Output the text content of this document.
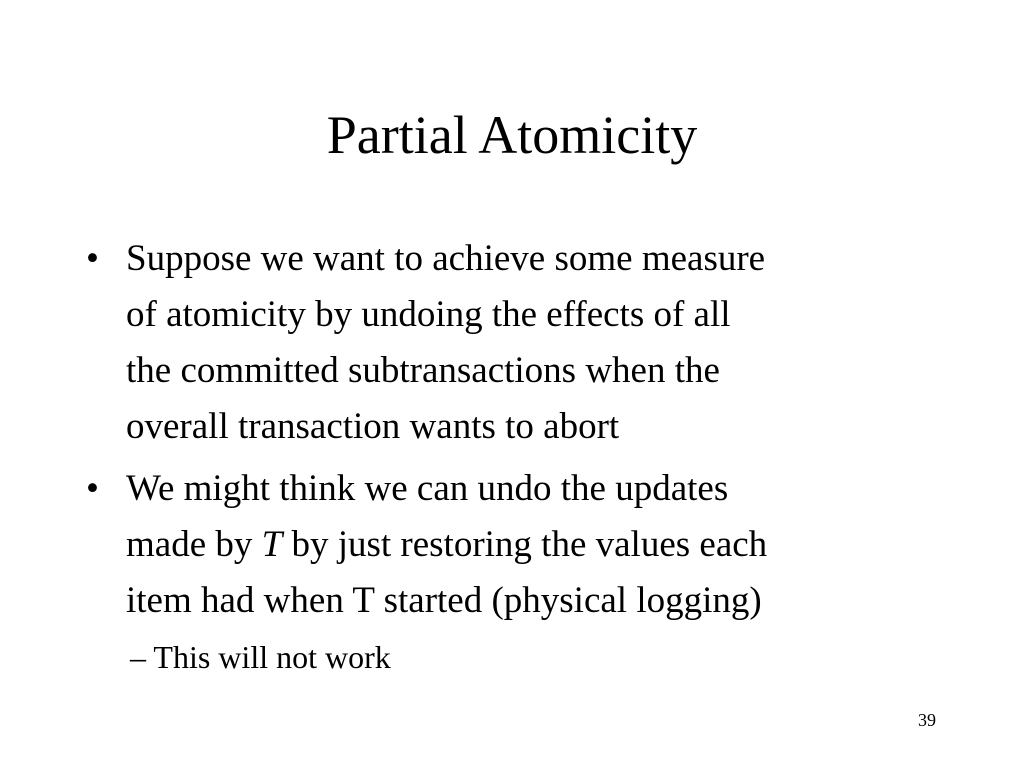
Partial Atomicity
• Suppose we want to achieve some measure
of atomicity by undoing the effects of all
the committed subtransactions when the
overall transaction wants to abort
• We might think we can undo the updates
made by T by just restoring the values each
item had when T started (physical logging)
– This will not work
39
